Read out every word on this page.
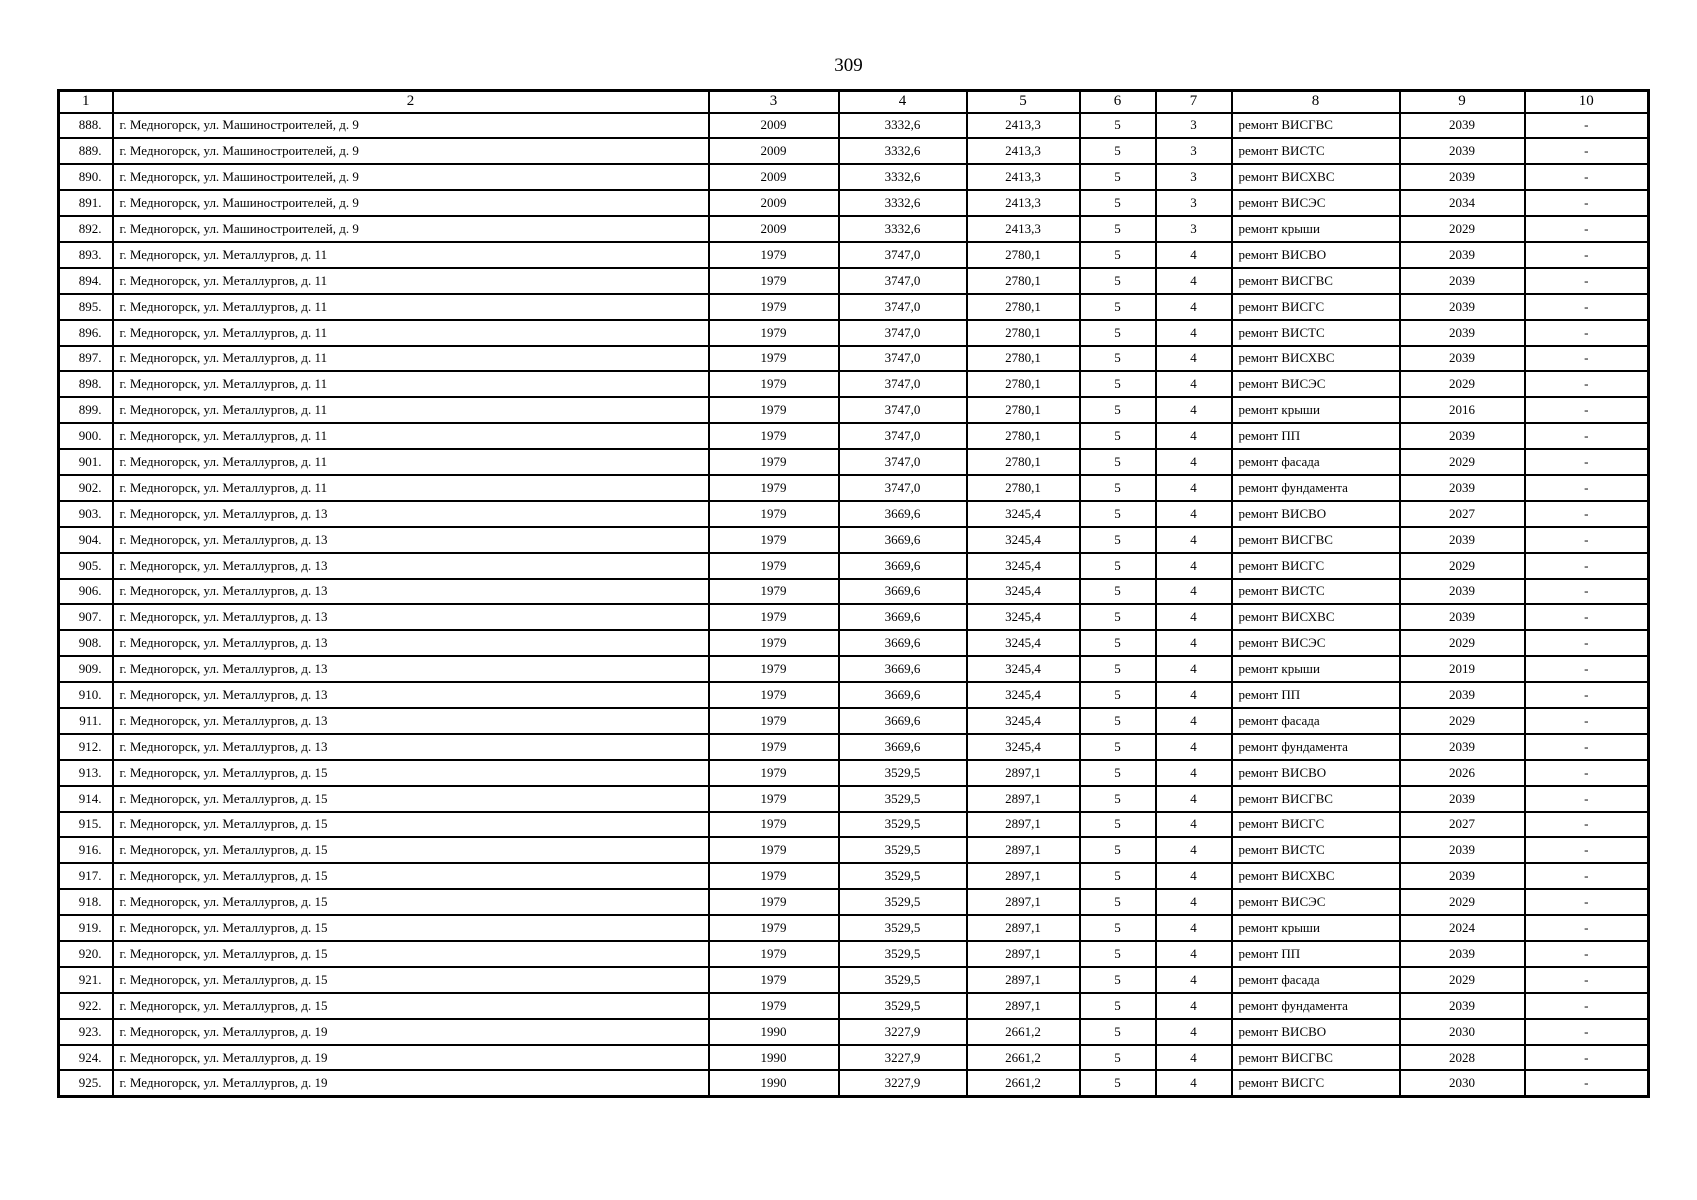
309
1	2	3	4	5	6	7	8	9	10
888.	г. Медногорск, ул. Машиностроителей, д. 9	2009	3332,6	2413,3	5	3	ремонт ВИСГВС	2039	-
889.	г. Медногорск, ул. Машиностроителей, д. 9	2009	3332,6	2413,3	5	3	ремонт ВИСТС	2039	-
890.	г. Медногорск, ул. Машиностроителей, д. 9	2009	3332,6	2413,3	5	3	ремонт ВИСХВС	2039	-
891.	г. Медногорск, ул. Машиностроителей, д. 9	2009	3332,6	2413,3	5	3	ремонт ВИСЭС	2034	-
892.	г. Медногорск, ул. Машиностроителей, д. 9	2009	3332,6	2413,3	5	3	ремонт крыши	2029	-
893.	г. Медногорск, ул. Металлургов, д. 11	1979	3747,0	2780,1	5	4	ремонт ВИСВО	2039	-
894.	г. Медногорск, ул. Металлургов, д. 11	1979	3747,0	2780,1	5	4	ремонт ВИСГВС	2039	-
895.	г. Медногорск, ул. Металлургов, д. 11	1979	3747,0	2780,1	5	4	ремонт ВИСГС	2039	-
896.	г. Медногорск, ул. Металлургов, д. 11	1979	3747,0	2780,1	5	4	ремонт ВИСТС	2039	-
897.	г. Медногорск, ул. Металлургов, д. 11	1979	3747,0	2780,1	5	4	ремонт ВИСХВС	2039	-
898.	г. Медногорск, ул. Металлургов, д. 11	1979	3747,0	2780,1	5	4	ремонт ВИСЭС	2029	-
899.	г. Медногорск, ул. Металлургов, д. 11	1979	3747,0	2780,1	5	4	ремонт крыши	2016	-
900.	г. Медногорск, ул. Металлургов, д. 11	1979	3747,0	2780,1	5	4	ремонт ПП	2039	-
901.	г. Медногорск, ул. Металлургов, д. 11	1979	3747,0	2780,1	5	4	ремонт фасада	2029	-
902.	г. Медногорск, ул. Металлургов, д. 11	1979	3747,0	2780,1	5	4	ремонт фундамента	2039	-
903.	г. Медногорск, ул. Металлургов, д. 13	1979	3669,6	3245,4	5	4	ремонт ВИСВО	2027	-
904.	г. Медногорск, ул. Металлургов, д. 13	1979	3669,6	3245,4	5	4	ремонт ВИСГВС	2039	-
905.	г. Медногорск, ул. Металлургов, д. 13	1979	3669,6	3245,4	5	4	ремонт ВИСГС	2029	-
906.	г. Медногорск, ул. Металлургов, д. 13	1979	3669,6	3245,4	5	4	ремонт ВИСТС	2039	-
907.	г. Медногорск, ул. Металлургов, д. 13	1979	3669,6	3245,4	5	4	ремонт ВИСХВС	2039	-
908.	г. Медногорск, ул. Металлургов, д. 13	1979	3669,6	3245,4	5	4	ремонт ВИСЭС	2029	-
909.	г. Медногорск, ул. Металлургов, д. 13	1979	3669,6	3245,4	5	4	ремонт крыши	2019	-
910.	г. Медногорск, ул. Металлургов, д. 13	1979	3669,6	3245,4	5	4	ремонт ПП	2039	-
911.	г. Медногорск, ул. Металлургов, д. 13	1979	3669,6	3245,4	5	4	ремонт фасада	2029	-
912.	г. Медногорск, ул. Металлургов, д. 13	1979	3669,6	3245,4	5	4	ремонт фундамента	2039	-
913.	г. Медногорск, ул. Металлургов, д. 15	1979	3529,5	2897,1	5	4	ремонт ВИСВО	2026	-
914.	г. Медногорск, ул. Металлургов, д. 15	1979	3529,5	2897,1	5	4	ремонт ВИСГВС	2039	-
915.	г. Медногорск, ул. Металлургов, д. 15	1979	3529,5	2897,1	5	4	ремонт ВИСГС	2027	-
916.	г. Медногорск, ул. Металлургов, д. 15	1979	3529,5	2897,1	5	4	ремонт ВИСТС	2039	-
917.	г. Медногорск, ул. Металлургов, д. 15	1979	3529,5	2897,1	5	4	ремонт ВИСХВС	2039	-
918.	г. Медногорск, ул. Металлургов, д. 15	1979	3529,5	2897,1	5	4	ремонт ВИСЭС	2029	-
919.	г. Медногорск, ул. Металлургов, д. 15	1979	3529,5	2897,1	5	4	ремонт крыши	2024	-
920.	г. Медногорск, ул. Металлургов, д. 15	1979	3529,5	2897,1	5	4	ремонт ПП	2039	-
921.	г. Медногорск, ул. Металлургов, д. 15	1979	3529,5	2897,1	5	4	ремонт фасада	2029	-
922.	г. Медногорск, ул. Металлургов, д. 15	1979	3529,5	2897,1	5	4	ремонт фундамента	2039	-
923.	г. Медногорск, ул. Металлургов, д. 19	1990	3227,9	2661,2	5	4	ремонт ВИСВО	2030	-
924.	г. Медногорск, ул. Металлургов, д. 19	1990	3227,9	2661,2	5	4	ремонт ВИСГВС	2028	-
925.	г. Медногорск, ул. Металлургов, д. 19	1990	3227,9	2661,2	5	4	ремонт ВИСГС	2030	-
